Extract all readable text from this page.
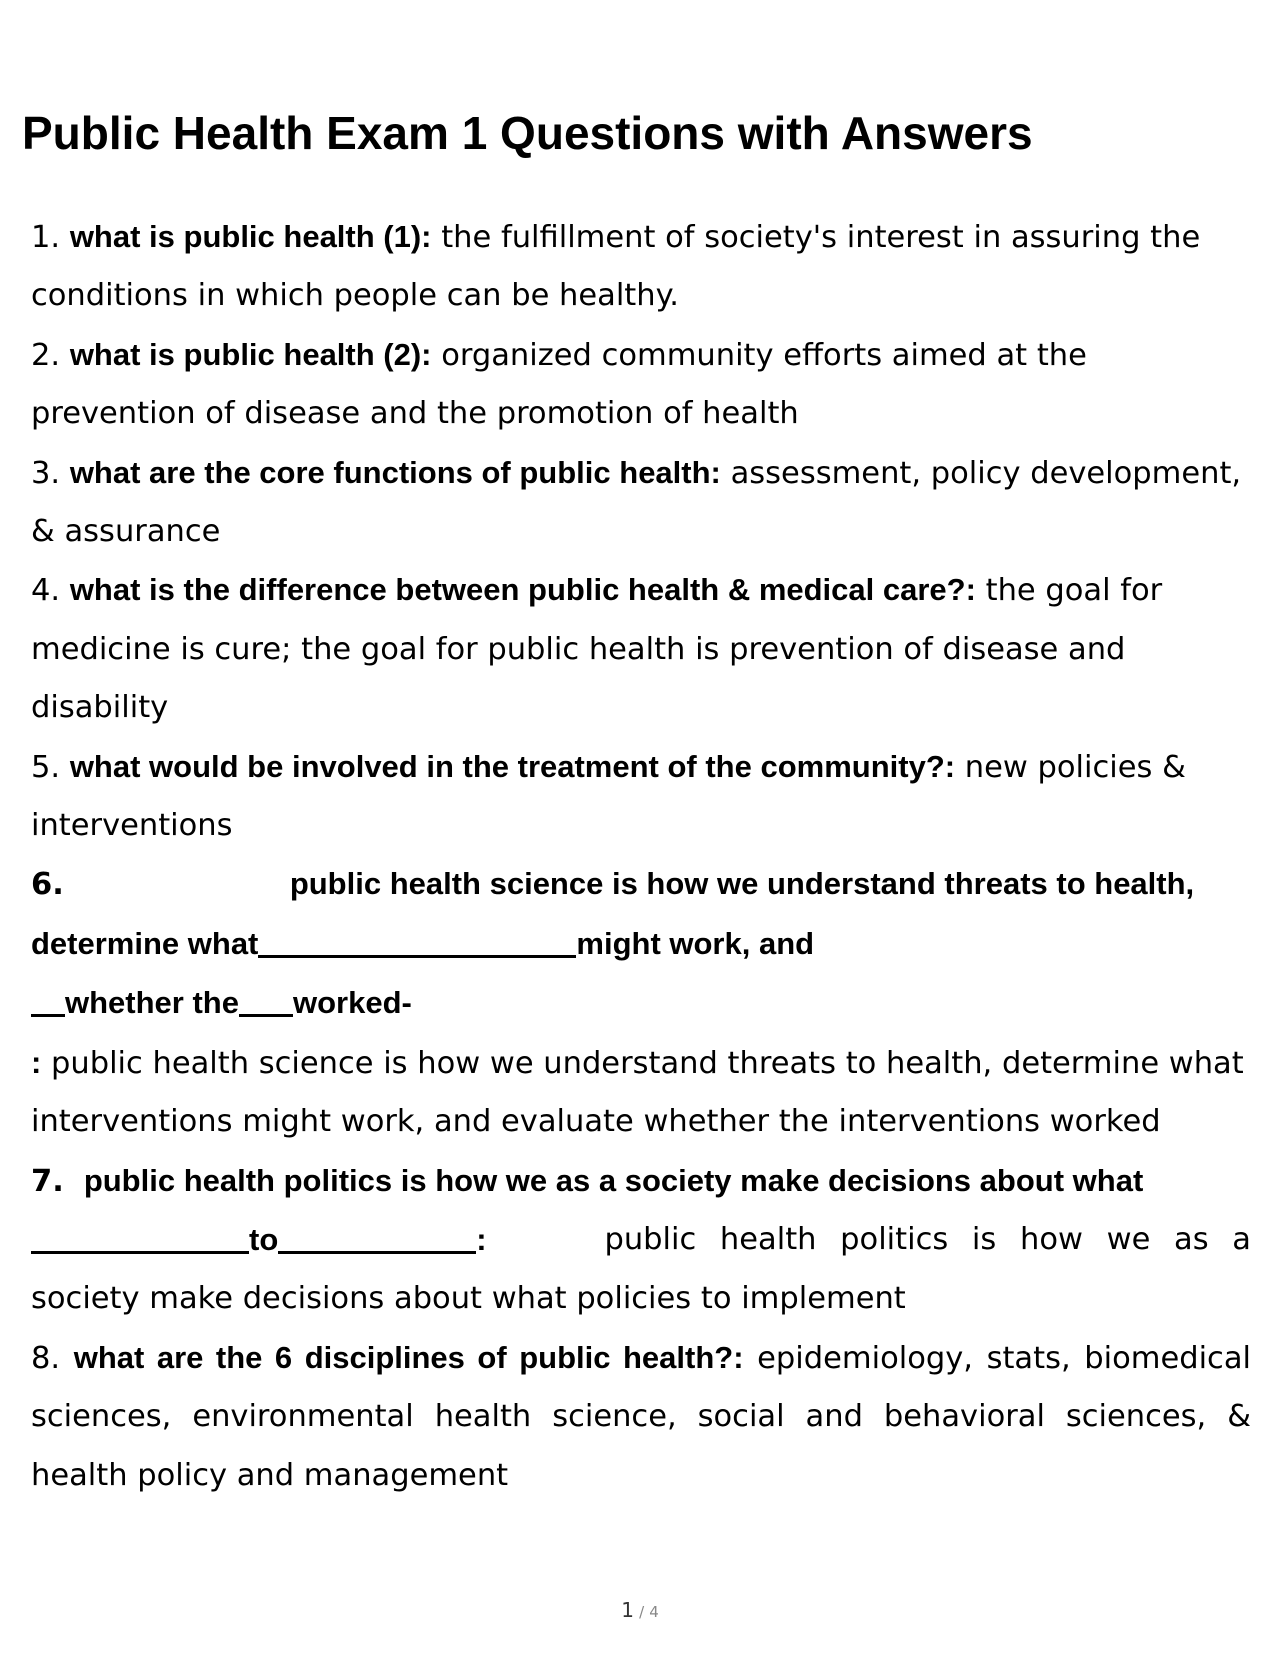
Public Health Exam 1 Questions with Answers

1. what is public health (1): the fulfillment of society's interest in assuring the conditions in which people can be healthy.

2. what is public health (2): organized community efforts aimed at the prevention of disease and the promotion of health

3. what are the core functions of public health: assessment, policy development, & assurance

4. what is the difference between public health & medical care?: the goal for medicine is cure; the goal for public health is prevention of disease and disability

5. what would be involved in the treatment of the community?: new policies & interventions

6.	public health science is how we understand threats to health, determine what	might work, and
whether the worked-

: public health science is how we understand threats to health, determine what interventions might work, and evaluate whether the interventions worked

7. public health politics is how we as a society make decisions about what

to	:	public health politics is how we as a

society make decisions about what policies to implement

8. what are the 6 disciplines of public health?: epidemiology, stats, biomedical sciences, environmental health science, social and behavioral sciences, & health policy and management

1 / 4
